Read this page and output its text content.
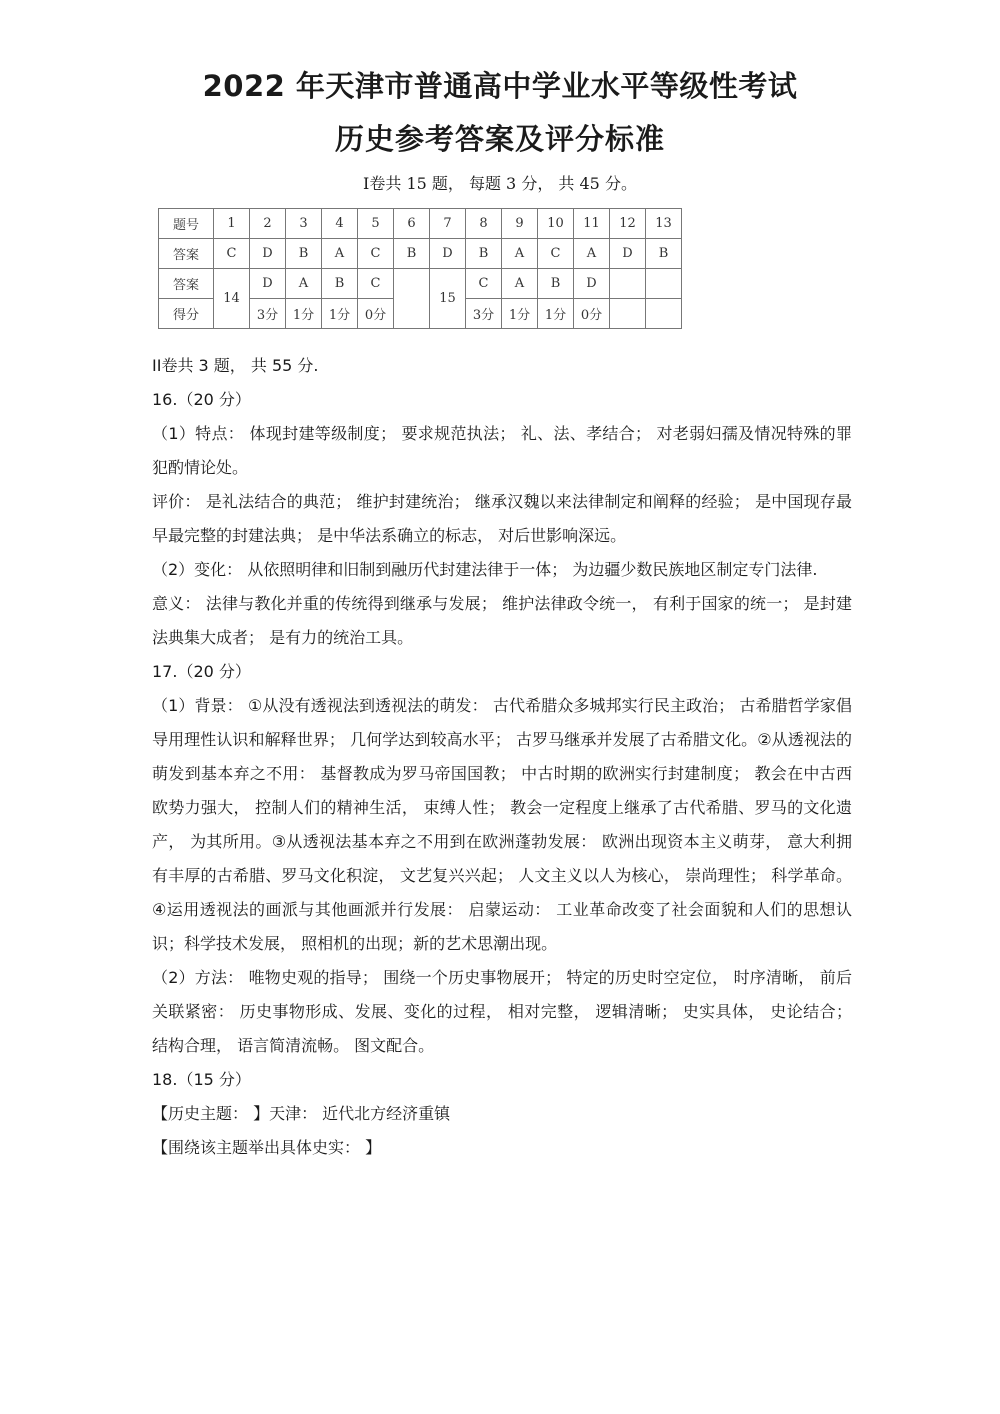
2022 年天津市普通高中学业水平等级性考试
历史参考答案及评分标准
I卷共 15 题， 每题 3 分， 共 45 分。
题号	1	2	3	4	5	6	7	8	9	10	11	12	13
答案	C	D	B	A	C	B	D	B	A	C	A	D	B
答案	14	D	A	B	C		15	C	A	B	D		
得分		3分	1分	1分	0分			3分	1分	1分	0分		

II卷共 3 题， 共 55 分.

16.（20 分）

（1）特点： 体现封建等级制度； 要求规范执法； 礼、法、孝结合； 对老弱妇孺及情况特殊的罪犯酌情论处。

评价： 是礼法结合的典范； 维护封建统治； 继承汉魏以来法律制定和阐释的经验； 是中国现存最早最完整的封建法典； 是中华法系确立的标志， 对后世影响深远。

（2）变化： 从依照明律和旧制到融历代封建法律于一体； 为边疆少数民族地区制定专门法律.

意义： 法律与教化并重的传统得到继承与发展； 维护法律政令统一， 有利于国家的统一； 是封建法典集大成者； 是有力的统治工具。

17.（20 分）

（1）背景： ①从没有透视法到透视法的萌发： 古代希腊众多城邦实行民主政治； 古希腊哲学家倡导用理性认识和解释世界； 几何学达到较高水平； 古罗马继承并发展了古希腊文化。②从透视法的萌发到基本弃之不用： 基督教成为罗马帝国国教； 中古时期的欧洲实行封建制度； 教会在中古西欧势力强大， 控制人们的精神生活， 束缚人性； 教会一定程度上继承了古代希腊、罗马的文化遗产， 为其所用。③从透视法基本弃之不用到在欧洲蓬勃发展： 欧洲出现资本主义萌芽， 意大利拥有丰厚的古希腊、罗马文化积淀， 文艺复兴兴起； 人文主义以人为核心， 崇尚理性； 科学革命。④运用透视法的画派与其他画派并行发展： 启蒙运动： 工业革命改变了社会面貌和人们的思想认识；科学技术发展， 照相机的出现；新的艺术思潮出现。

（2）方法： 唯物史观的指导； 围绕一个历史事物展开； 特定的历史时空定位， 时序清晰， 前后关联紧密： 历史事物形成、发展、变化的过程， 相对完整， 逻辑清晰； 史实具体， 史论结合； 结构合理， 语言简清流畅。 图文配合。

18.（15 分）

【历史主题： 】天津： 近代北方经济重镇

【围绕该主题举出具体史实： 】
